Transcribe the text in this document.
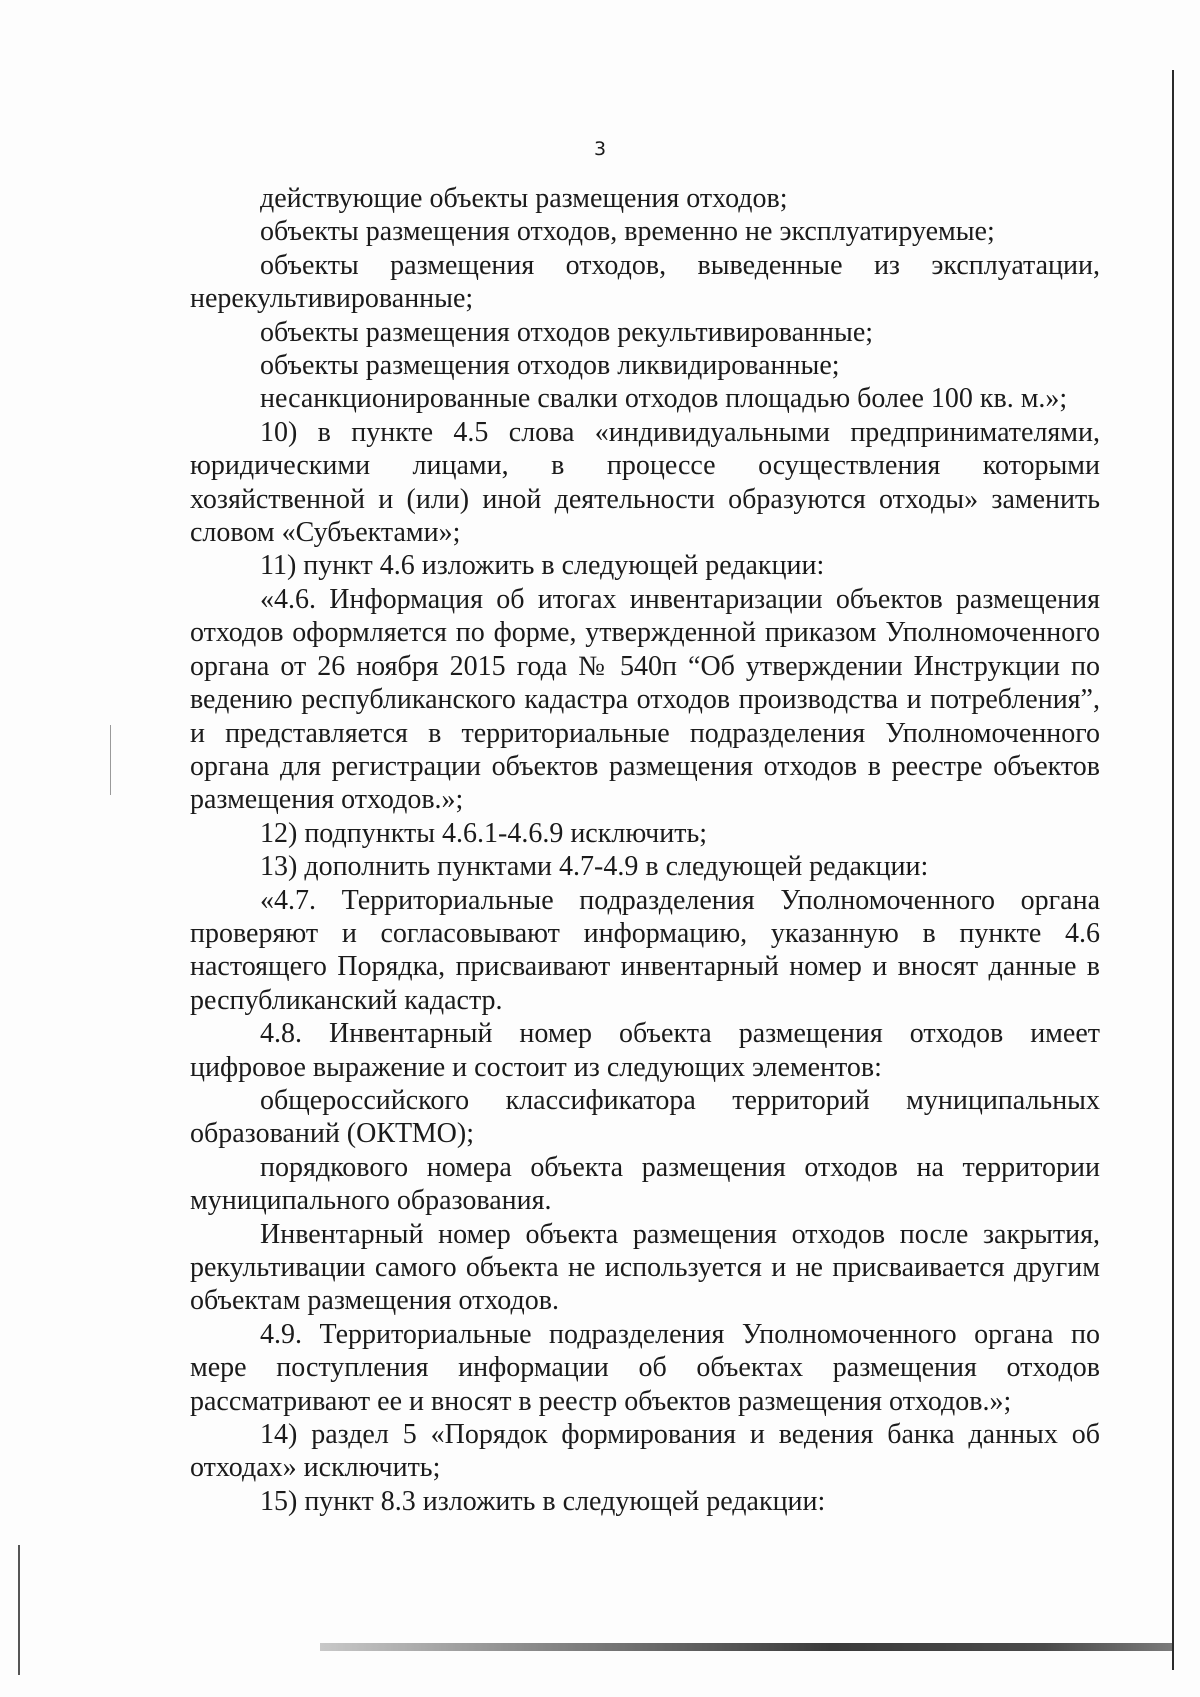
3

действующие объекты размещения отходов;

объекты размещения отходов, временно не эксплуатируемые;

объекты размещения отходов, выведенные из эксплуатации, нерекультивированные;

объекты размещения отходов рекультивированные;

объекты размещения отходов ликвидированные;

несанкционированные свалки отходов площадью более 100 кв. м.»;

10) в пункте 4.5 слова «индивидуальными предпринимателями, юридическими лицами, в процессе осуществления которыми хозяйственной и (или) иной деятельности образуются отходы» заменить словом «Субъектами»;

11) пункт 4.6 изложить в следующей редакции:

«4.6. Информация об итогах инвентаризации объектов размещения отходов оформляется по форме, утвержденной приказом Уполномоченного органа от 26 ноября 2015 года № 540п “Об утверждении Инструкции по ведению республиканского кадастра отходов производства и потребления”, и представляется в территориальные подразделения Уполномоченного органа для регистрации объектов размещения отходов в реестре объектов размещения отходов.»;

12) подпункты 4.6.1-4.6.9 исключить;

13) дополнить пунктами 4.7-4.9 в следующей редакции:

«4.7. Территориальные подразделения Уполномоченного органа проверяют и согласовывают информацию, указанную в пункте 4.6 настоящего Порядка, присваивают инвентарный номер и вносят данные в республиканский кадастр.

4.8. Инвентарный номер объекта размещения отходов имеет цифровое выражение и состоит из следующих элементов:

общероссийского классификатора территорий муниципальных образований (ОКТМО);

порядкового номера объекта размещения отходов на территории муниципального образования.

Инвентарный номер объекта размещения отходов после закрытия, рекультивации самого объекта не используется и не присваивается другим объектам размещения отходов.

4.9. Территориальные подразделения Уполномоченного органа по мере поступления информации об объектах размещения отходов рассматривают ее и вносят в реестр объектов размещения отходов.»;

14) раздел 5 «Порядок формирования и ведения банка данных об отходах» исключить;

15) пункт 8.3 изложить в следующей редакции:
